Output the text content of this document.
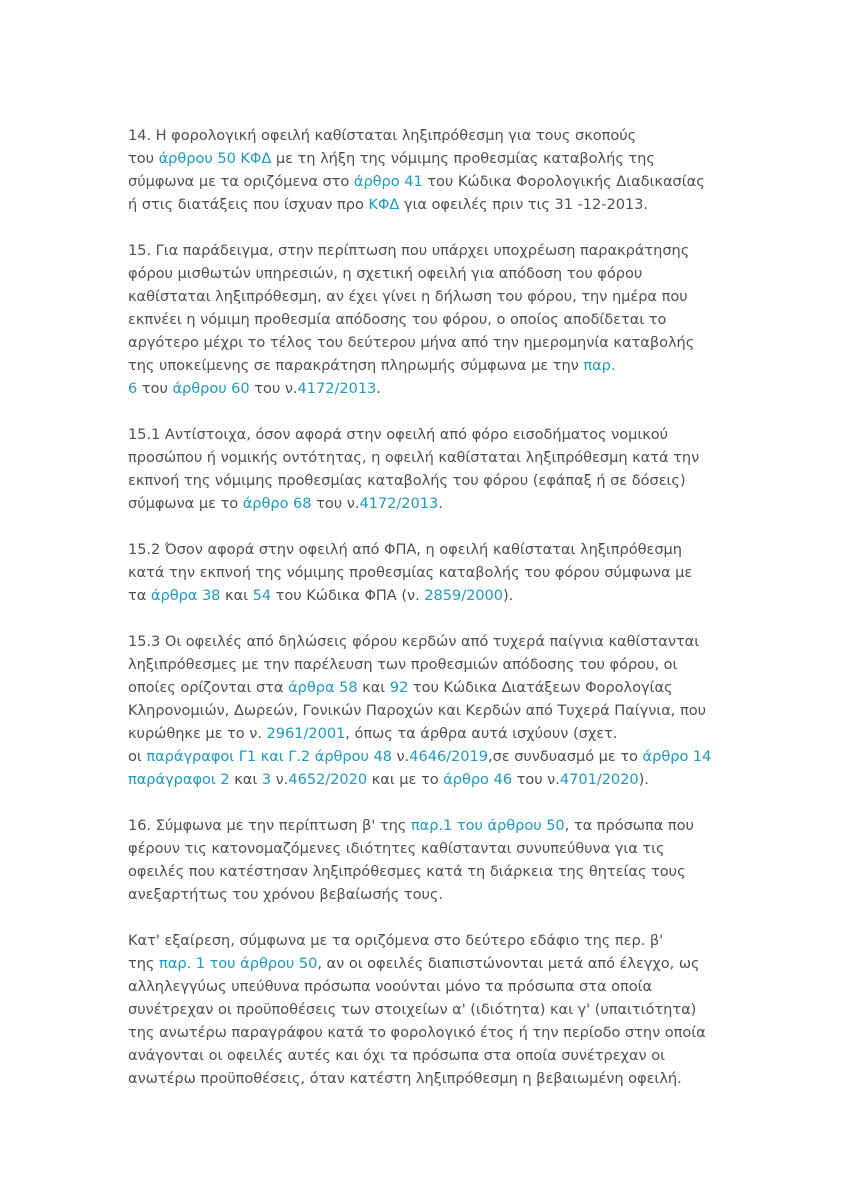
14. Η φορολογική οφειλή καθίσταται ληξιπρόθεσμη για τους σκοπούς
του άρθρου 50 ΚΦΔ με τη λήξη της νόμιμης προθεσμίας καταβολής της
σύμφωνα με τα οριζόμενα στο άρθρο 41 του Κώδικα Φορολογικής Διαδικασίας
ή στις διατάξεις που ίσχυαν προ ΚΦΔ για οφειλές πριν τις 31 -12-2013.

15. Για παράδειγμα, στην περίπτωση που υπάρχει υποχρέωση παρακράτησης
φόρου μισθωτών υπηρεσιών, η σχετική οφειλή για απόδοση του φόρου
καθίσταται ληξιπρόθεσμη, αν έχει γίνει η δήλωση του φόρου, την ημέρα που
εκπνέει η νόμιμη προθεσμία απόδοσης του φόρου, ο οποίος αποδίδεται το
αργότερο μέχρι το τέλος του δεύτερου μήνα από την ημερομηνία καταβολής
της υποκείμενης σε παρακράτηση πληρωμής σύμφωνα με την παρ.
6 του άρθρου 60 του ν.4172/2013.

15.1 Αντίστοιχα, όσον αφορά στην οφειλή από φόρο εισοδήματος νομικού
προσώπου ή νομικής οντότητας, η οφειλή καθίσταται ληξιπρόθεσμη κατά την
εκπνοή της νόμιμης προθεσμίας καταβολής του φόρου (εφάπαξ ή σε δόσεις)
σύμφωνα με το άρθρο 68 του ν.4172/2013.

15.2 Όσον αφορά στην οφειλή από ΦΠΑ, η οφειλή καθίσταται ληξιπρόθεσμη
κατά την εκπνοή της νόμιμης προθεσμίας καταβολής του φόρου σύμφωνα με
τα άρθρα 38 και 54 του Κώδικα ΦΠΑ (ν. 2859/2000).

15.3 Οι οφειλές από δηλώσεις φόρου κερδών από τυχερά παίγνια καθίστανται
ληξιπρόθεσμες με την παρέλευση των προθεσμιών απόδοσης του φόρου, οι
οποίες ορίζονται στα άρθρα 58 και 92 του Κώδικα Διατάξεων Φορολογίας
Κληρονομιών, Δωρεών, Γονικών Παροχών και Κερδών από Τυχερά Παίγνια, που
κυρώθηκε με το ν. 2961/2001, όπως τα άρθρα αυτά ισχύουν (σχετ.
οι παράγραφοι Γ1 και Γ.2 άρθρου 48 ν.4646/2019,σε συνδυασμό με το άρθρο 14
παράγραφοι 2 και 3 ν.4652/2020 και με το άρθρο 46 του ν.4701/2020).

16. Σύμφωνα με την περίπτωση β' της παρ.1 του άρθρου 50, τα πρόσωπα που
φέρουν τις κατονομαζόμενες ιδιότητες καθίστανται συνυπεύθυνα για τις
οφειλές που κατέστησαν ληξιπρόθεσμες κατά τη διάρκεια της θητείας τους
ανεξαρτήτως του χρόνου βεβαίωσής τους.

Κατ' εξαίρεση, σύμφωνα με τα οριζόμενα στο δεύτερο εδάφιο της περ. β'
της παρ. 1 του άρθρου 50, αν οι οφειλές διαπιστώνονται μετά από έλεγχο, ως
αλληλεγγύως υπεύθυνα πρόσωπα νοούνται μόνο τα πρόσωπα στα οποία
συνέτρεχαν οι προϋποθέσεις των στοιχείων α' (ιδιότητα) και γ' (υπαιτιότητα)
της ανωτέρω παραγράφου κατά το φορολογικό έτος ή την περίοδο στην οποία
ανάγονται οι οφειλές αυτές και όχι τα πρόσωπα στα οποία συνέτρεχαν οι
ανωτέρω προϋποθέσεις, όταν κατέστη ληξιπρόθεσμη η βεβαιωμένη οφειλή.
